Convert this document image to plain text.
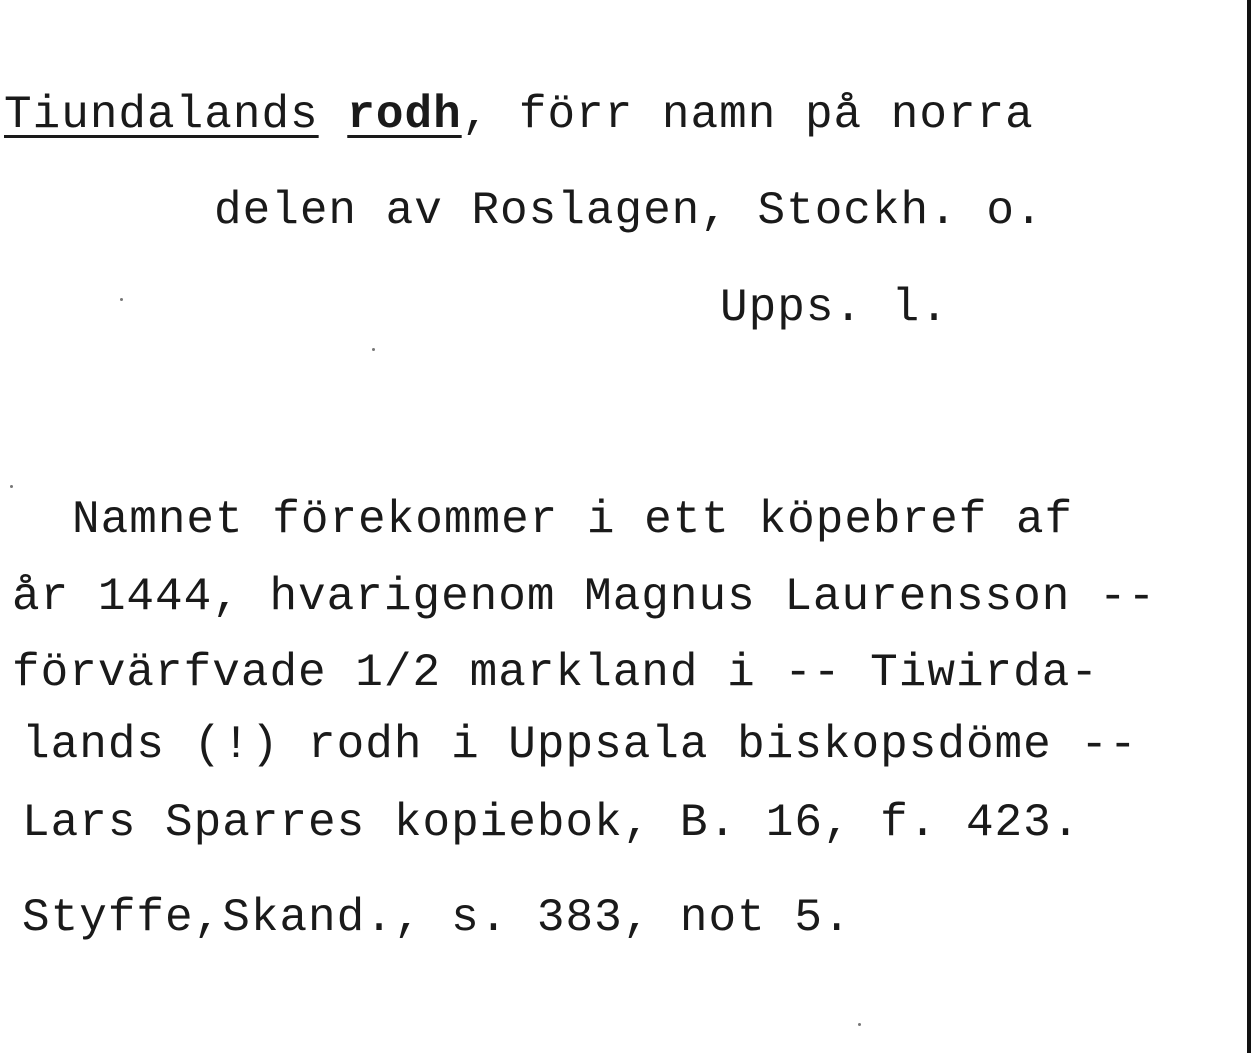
Tiundalands rodh, förr namn på norra
delen av Roslagen, Stockh. o.
Upps. l.
Namnet förekommer i ett köpebref af
år 1444, hvarigenom Magnus Laurensson --
förvärfvade 1/2 markland i -- Tiwirda-
lands (!) rodh i Uppsala biskopsdöme --
Lars Sparres kopiebok, B. 16, f. 423.
Styffe,Skand., s. 383, not 5.
